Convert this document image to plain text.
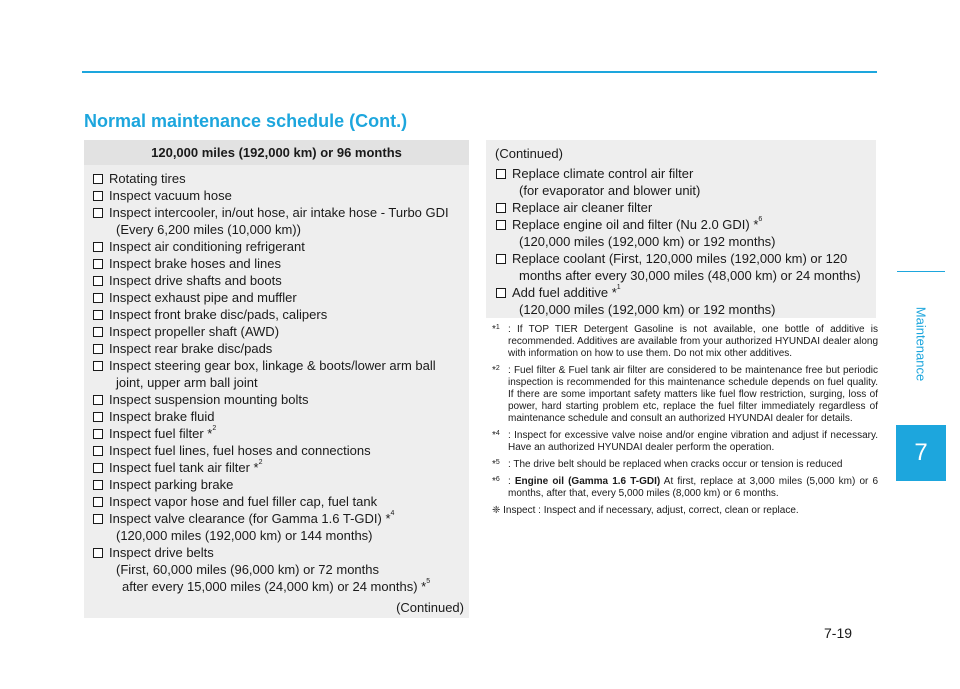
Normal maintenance schedule (Cont.)
Maintenance
7
7-19
120,000 miles (192,000 km) or 96 months
Rotating tires
Inspect vacuum hose
Inspect intercooler, in/out hose, air intake hose - Turbo GDI
(Every 6,200 miles (10,000 km))
Inspect air conditioning refrigerant
Inspect brake hoses and lines
Inspect drive shafts and boots
Inspect exhaust pipe and muffler
Inspect front brake disc/pads, calipers
Inspect propeller shaft (AWD)
Inspect rear brake disc/pads
Inspect steering gear box, linkage & boots/lower arm ball
joint, upper arm ball joint
Inspect suspension mounting bolts
Inspect brake fluid
Inspect fuel filter *$^2$
Inspect fuel lines, fuel hoses and connections
Inspect fuel tank air filter *$^2$
Inspect parking brake
Inspect vapor hose and fuel filler cap, fuel tank
Inspect valve clearance (for Gamma 1.6 T-GDI) *$^4$
(120,000 miles (192,000 km) or 144 months)
Inspect drive belts
(First, 60,000 miles (96,000 km) or 72 months
after every 15,000 miles (24,000 km) or 24 months) *$^5$
(Continued)
(Continued)
Replace climate control air filter
(for evaporator and blower unit)
Replace air cleaner filter
Replace engine oil and filter (Nu 2.0 GDI) *$^6$
(120,000 miles (192,000 km) or 192 months)
Replace coolant (First, 120,000 miles (192,000 km) or 120
months after every 30,000 miles (48,000 km) or 24 months)
Add fuel additive *$^1$
(120,000 miles (192,000 km) or 192 months)
*$^1$ : If TOP TIER Detergent Gasoline is not available, one bottle of additive is recommended. Additives are available from your authorized HYUNDAI dealer along with information on how to use them. Do not mix other additives.
*$^2$ : Fuel filter & Fuel tank air filter are considered to be maintenance free but periodic inspection is recommended for this maintenance schedule depends on fuel quality. If there are some important safety matters like fuel flow restriction, surging, loss of power, hard starting problem etc, replace the fuel filter immediately regardless of maintenance schedule and consult an authorized HYUNDAI dealer for details.
*$^4$ : Inspect for excessive valve noise and/or engine vibration and adjust if necessary. Have an authorized HYUNDAI dealer perform the operation.
*$^5$ : The drive belt should be replaced when cracks occur or tension is reduced
*$^6$ : Engine oil (Gamma 1.6 T-GDI) At first, replace at 3,000 miles (5,000 km) or 6 months, after that, every 5,000 miles (8,000 km) or 6 months.
❈ Inspect : Inspect and if necessary, adjust, correct, clean or replace.
